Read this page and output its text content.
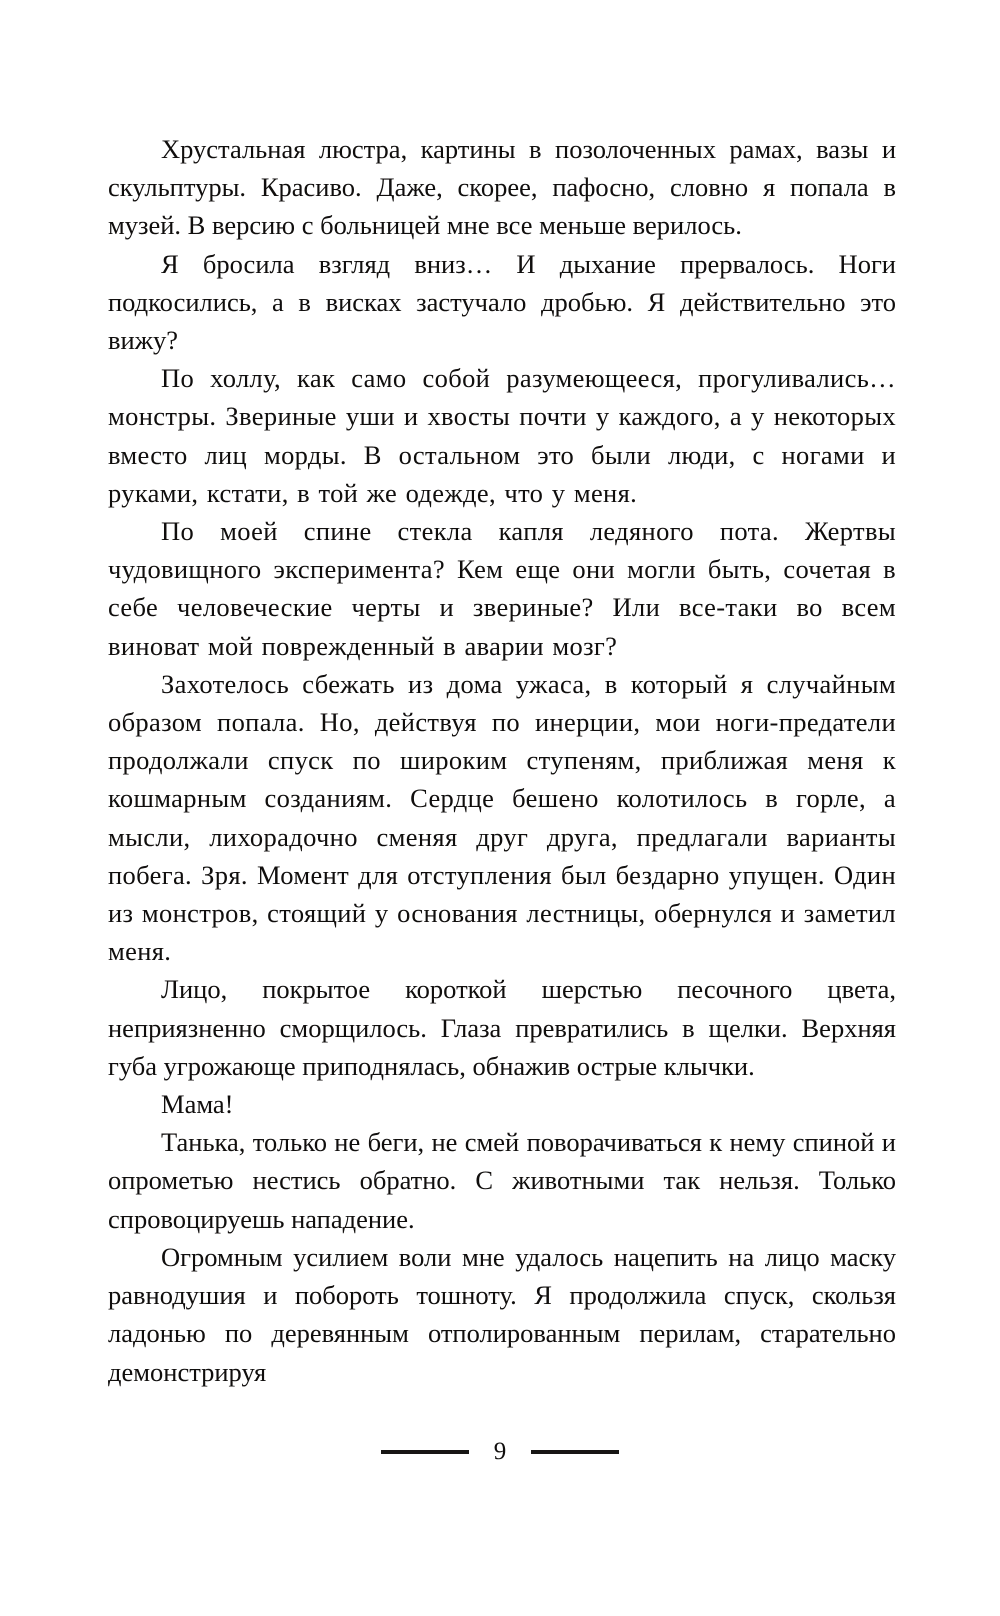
Хрустальная люстра, картины в позолоченных рамах, вазы и скульптуры. Красиво. Даже, скорее, пафосно, словно я попала в музей. В версию с больницей мне все меньше верилось.

Я бросила взгляд вниз… И дыхание прервалось. Ноги подкосились, а в висках застучало дробью. Я действительно это вижу?

По холлу, как само собой разумеющееся, прогуливались… монстры. Звериные уши и хвосты почти у каждого, а у некоторых вместо лиц морды. В остальном это были люди, с ногами и руками, кстати, в той же одежде, что у меня.

По моей спине стекла капля ледяного пота. Жертвы чудовищного эксперимента? Кем еще они могли быть, сочетая в себе человеческие черты и звериные? Или все-таки во всем виноват мой поврежденный в аварии мозг?

Захотелось сбежать из дома ужаса, в который я случайным образом попала. Но, действуя по инерции, мои ноги-предатели продолжали спуск по широким ступеням, приближая меня к кошмарным созданиям. Сердце бешено колотилось в горле, а мысли, лихорадочно сменяя друг друга, предлагали варианты побега. Зря. Момент для отступления был бездарно упущен. Один из монстров, стоящий у основания лестницы, обернулся и заметил меня.

Лицо, покрытое короткой шерстью песочного цвета, неприязненно сморщилось. Глаза превратились в щелки. Верхняя губа угрожающе приподнялась, обнажив острые клычки.

Мама!

Танька, только не беги, не смей поворачиваться к нему спиной и опрометью нестись обратно. С животными так нельзя. Только спровоцируешь нападение.

Огромным усилием воли мне удалось нацепить на лицо маску равнодушия и побороть тошноту. Я продолжила спуск, скользя ладонью по деревянным отполированным перилам, старательно демонстрируя

9
